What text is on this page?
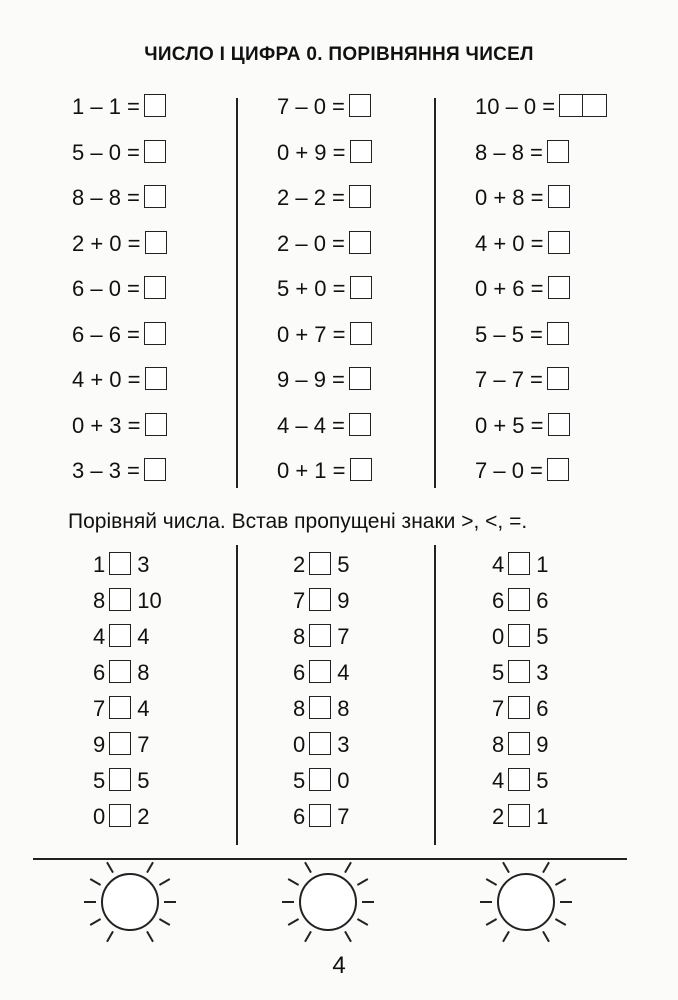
ЧИСЛО І ЦИФРА 0. ПОРІВНЯННЯ ЧИСЕЛ
1 – 1 =
5 – 0 =
8 – 8 =
2 + 0 =
6 – 0 =
6 – 6 =
4 + 0 =
0 + 3 =
3 – 3 =
7 – 0 =
0 + 9 =
2 – 2 =
2 – 0 =
5 + 0 =
0 + 7 =
9 – 9 =
4 – 4 =
0 + 1 =
10 – 0 =
8 – 8 =
0 + 8 =
4 + 0 =
0 + 6 =
5 – 5 =
7 – 7 =
0 + 5 =
7 – 0 =
Порівняй числа. Встав пропущені знаки >, <, =.
1 3
8 10
4 4
6 8
7 4
9 7
5 5
0 2
2 5
7 9
8 7
6 4
8 8
0 3
5 0
6 7
4 1
6 6
0 5
5 3
7 6
8 9
4 5
2 1
4
